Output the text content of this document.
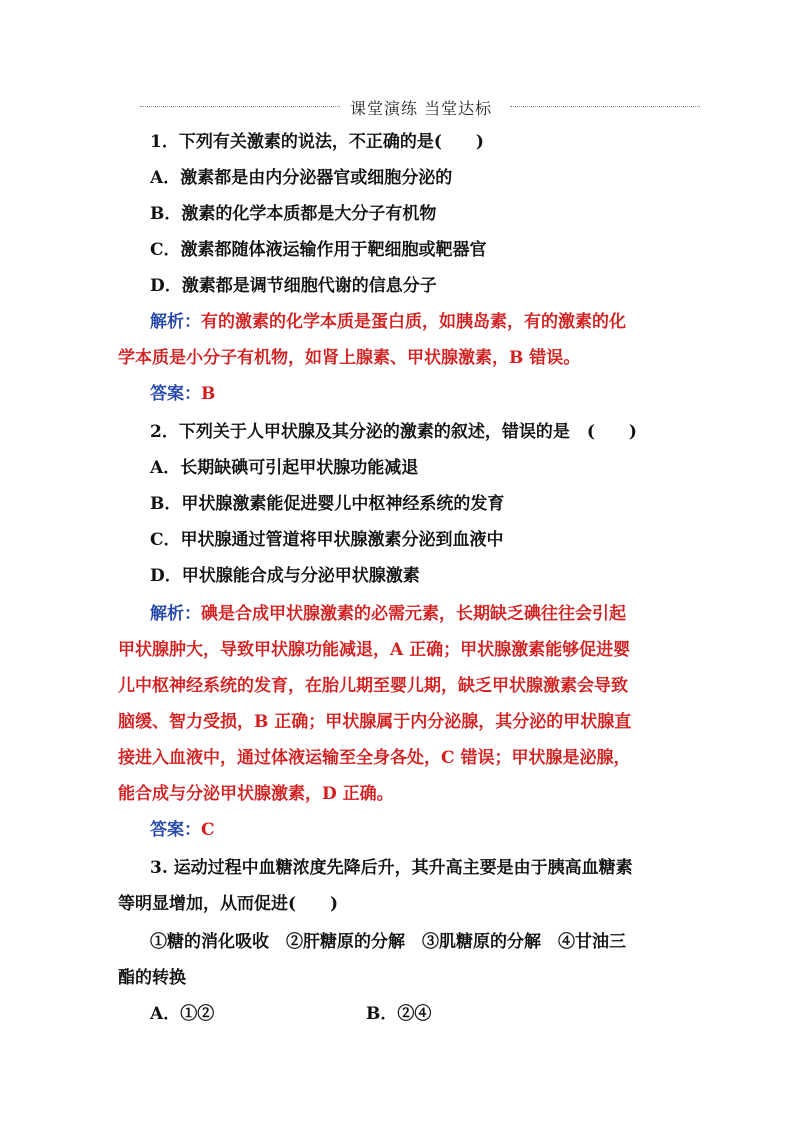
课堂演练 当堂达标
1．下列有关激素的说法，不正确的是(　　)
A．激素都是由内分泌器官或细胞分泌的
B．激素的化学本质都是大分子有机物
C．激素都随体液运输作用于靶细胞或靶器官
D．激素都是调节细胞代谢的信息分子
解析：有的激素的化学本质是蛋白质，如胰岛素，有的激素的化
学本质是小分子有机物，如肾上腺素、甲状腺激素，B 错误。
答案：B
2．下列关于人甲状腺及其分泌的激素的叙述，错误的是　(　　)
A．长期缺碘可引起甲状腺功能减退
B．甲状腺激素能促进婴儿中枢神经系统的发育
C．甲状腺通过管道将甲状腺激素分泌到血液中
D．甲状腺能合成与分泌甲状腺激素
解析：碘是合成甲状腺激素的必需元素，长期缺乏碘往往会引起
甲状腺肿大，导致甲状腺功能减退，A 正确；甲状腺激素能够促进婴
儿中枢神经系统的发育，在胎儿期至婴儿期，缺乏甲状腺激素会导致
脑缓、智力受损，B 正确；甲状腺属于内分泌腺，其分泌的甲状腺直
接进入血液中，通过体液运输至全身各处，C 错误；甲状腺是泌腺，
能合成与分泌甲状腺激素，D 正确。
答案：C
3. 运动过程中血糖浓度先降后升，其升高主要是由于胰高血糖素
等明显增加，从而促进(　　)
①糖的消化吸收　②肝糖原的分解　③肌糖原的分解　④甘油三
酯的转换
A．①②	B．②④
